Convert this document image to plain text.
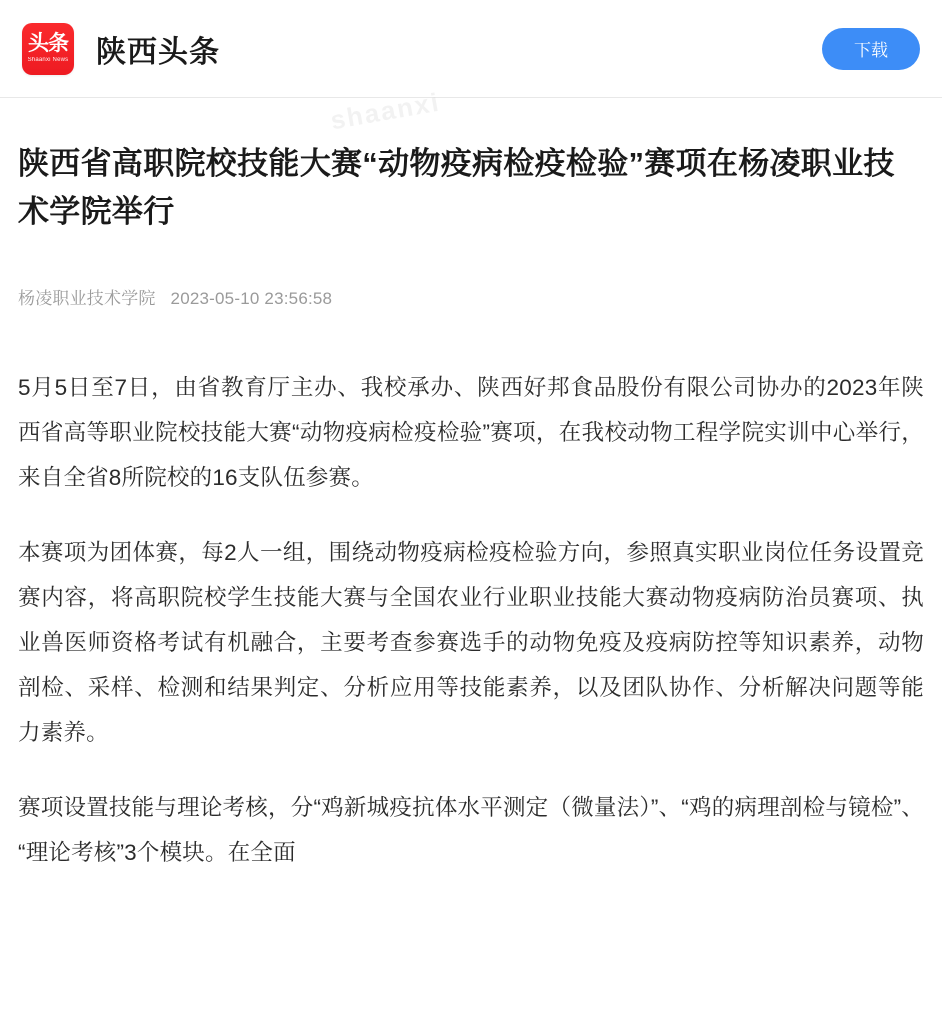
头条
Shaanxi News 陕西头条	下载
shaanxi
陕西省高职院校技能大赛“动物疫病检疫检验”赛项在杨凌职业技术学院举行
杨凌职业技术学院 2023-05-10 23:56:58

5月5日至7日，由省教育厅主办、我校承办、陕西好邦食品股份有限公司协办的2023年陕西省高等职业院校技能大赛“动物疫病检疫检验”赛项，在我校动物工程学院实训中心举行，来自全省8所院校的16支队伍参赛。

本赛项为团体赛，每2人一组，围绕动物疫病检疫检验方向，参照真实职业岗位任务设置竞赛内容，将高职院校学生技能大赛与全国农业行业职业技能大赛动物疫病防治员赛项、执业兽医师资格考试有机融合，主要考查参赛选手的动物免疫及疫病防控等知识素养，动物剖检、采样、检测和结果判定、分析应用等技能素养，以及团队协作、分析解决问题等能力素养。

赛项设置技能与理论考核，分“鸡新城疫抗体水平测定（微量法）”、“鸡的病理剖检与镜检”、“理论考核”3个模块。在全面
